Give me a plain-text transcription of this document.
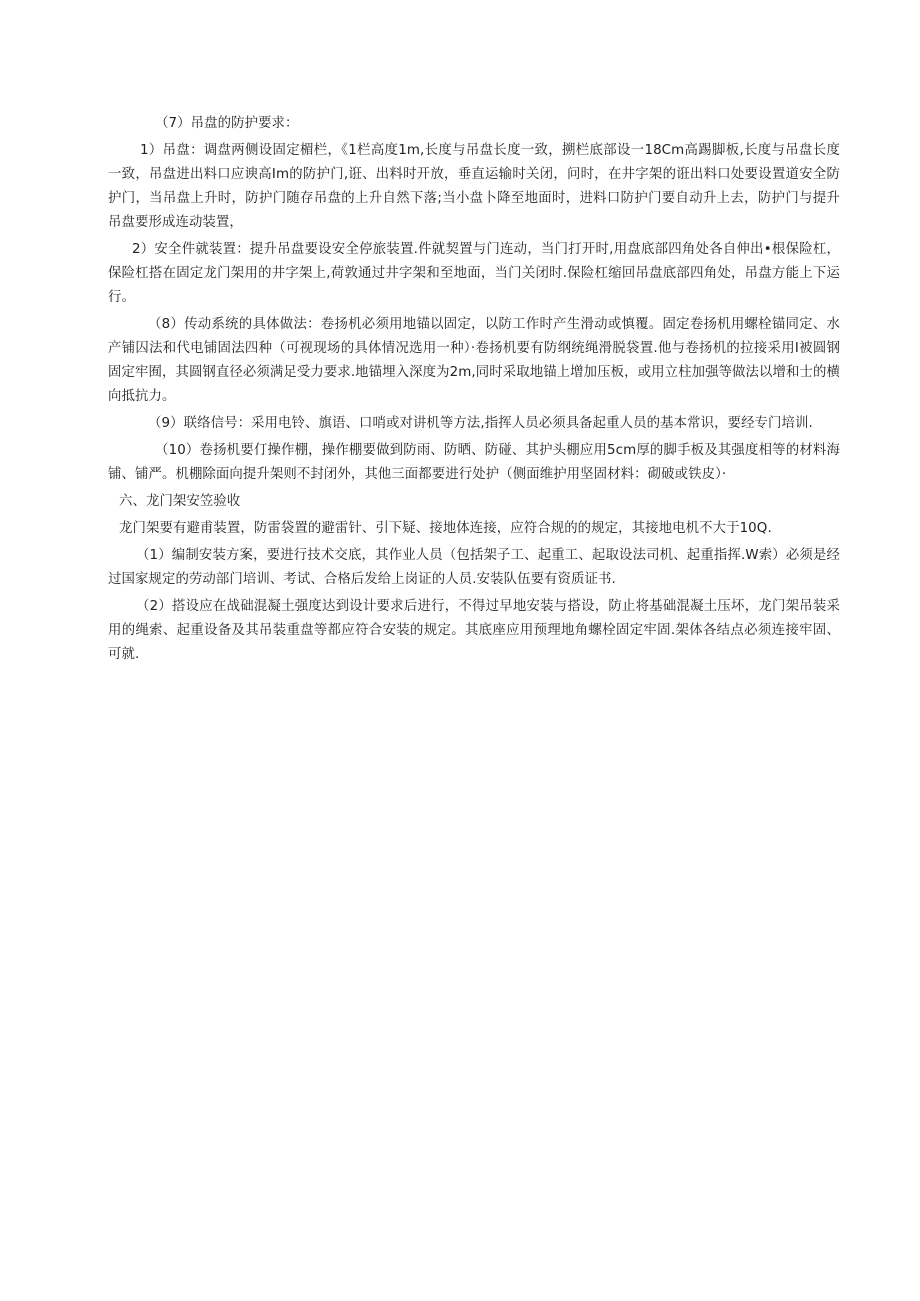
（7）吊盘的防护要求：

1）吊盘：调盘两侧设固定楣栏，《1栏高度1m,长度与吊盘长度一致，搠栏底部设一18Cm高踢脚板,长度与吊盘长度一致，吊盘进出料口应谀高Im的防护门,诳、出料时开放，垂直运输时关闭，问时，在井字架的诳出料口处要设置道安全防护门，当吊盘上升时，防护门随存吊盘的上升自然下落;当小盘卜降至地面时，进料口防护门要自动升上去，防护门与提升吊盘要形成连动装置，

2）安全件就装置：提升吊盘要设安全停旅装置.件就契置与门连动，当门打开时,用盘底部四角处各自伸出•根保险杠，保险杠搭在固定龙门架用的井字架上,荷敦通过井字架和至地面，当门关闭时.保险杠缩回吊盘底部四角处，吊盘方能上下运行。

（8）传动系统的具体做法：卷扬机必须用地锚以固定，以防工作时产生滑动或慎覆。固定卷扬机用螺栓锚同定、水产铺囚法和代电铺固法四种（可视现场的具体情况选用一种）·卷扬机要有防纲统绳滑脱袋置.他与卷扬机的拉接采用I被圆钢固定牢囿，其圆钢直径必须满足受力要求.地锚埋入深度为2m,同时采取地锚上增加压板，或用立柱加强等做法以增和士的横向抵抗力。

（9）联络信号：采用电铃、旗语、口哨或对讲机等方法,指挥人员必须具备起重人员的基本常识，要经专门培训.

（10）卷扬机要仃操作棚，操作棚要做到防雨、防晒、防碰、其护头棚应用5cm厚的脚手板及其强度相等的材料海铺、铺严。机棚除面向提升架则不封闭外，其他三面都要进行处护（侧面维护用坚固材料：砌破或铁皮）·

六、龙门架安笠验收

龙门架要有避甫装置，防雷袋置的避雷针、引下疑、接地体连接，应符合规的的规定，其接地电机不大于10Q.

（1）编制安装方案，要进行技术交底，其作业人员（包括架子工、起重工、起取设法司机、起重指挥.W索）必须是经过国家规定的劳动部门培训、考试、合格后发给上岗证的人员.安装队伍要有资质证书.

（2）搭设应在战础混凝土强度达到设计要求后进行，不得过早地安装与搭设，防止将基础混凝土压坏，龙门架吊装采用的绳索、起重设备及其吊装重盘等都应符合安装的规定。其底座应用预理地角螺栓固定牢固.架体各结点必须连接牢固、可就.
